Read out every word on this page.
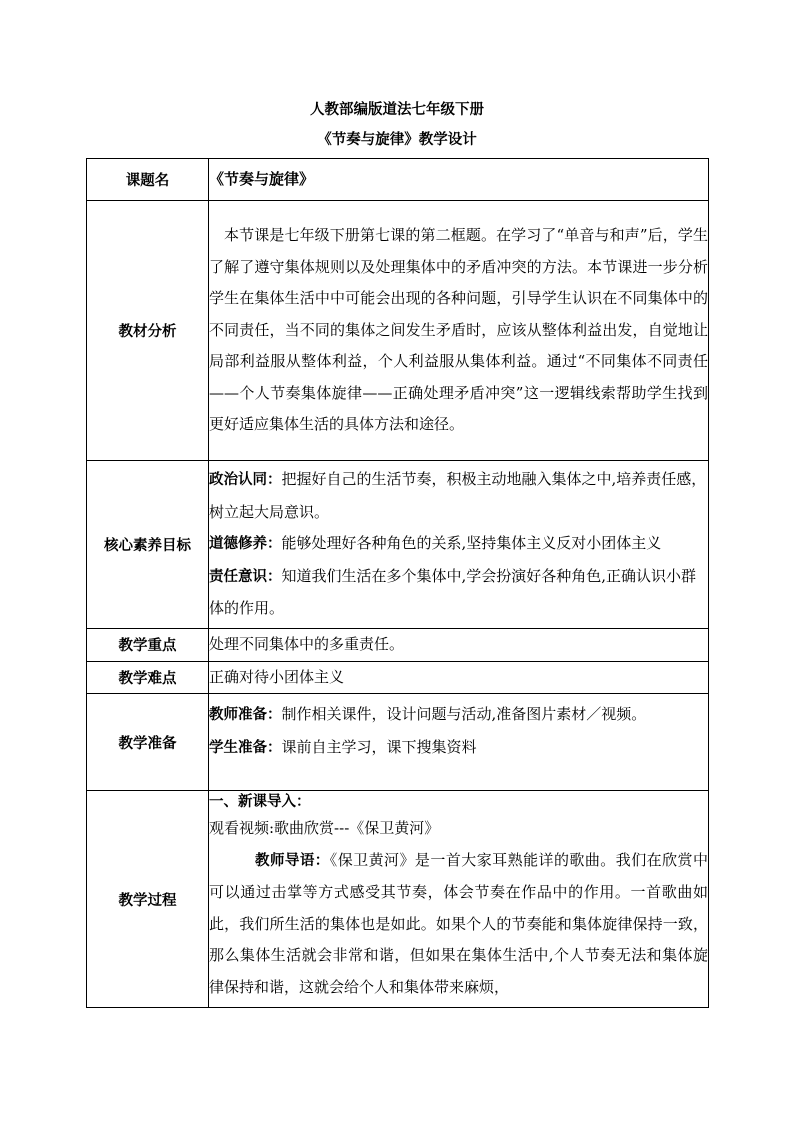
人教部编版道法七年级下册
《节奏与旋律》教学设计
课题名	《节奏与旋律》
教材分析	本节课是七年级下册第七课的第二框题。在学习了“单音与和声”后，学生了解了遵守集体规则以及处理集体中的矛盾冲突的方法。本节课进一步分析学生在集体生活中中可能会出现的各种问题，引导学生认识在不同集体中的不同责任，当不同的集体之间发生矛盾时，应该从整体利益出发，自觉地让局部利益服从整体利益，个人利益服从集体利益。通过“不同集体不同责任——个人节奏集体旋律——正确处理矛盾冲突”这一逻辑线索帮助学生找到更好适应集体生活的具体方法和途径。

核心素养目标	政治认同：把握好自己的生活节奏，积极主动地融入集体之中,培养责任感，树立起大局意识。
道德修养：能够处理好各种角色的关系,坚持集体主义反对小团体主义
责任意识：知道我们生活在多个集体中,学会扮演好各种角色,正确认识小群体的作用。

教学重点	处理不同集体中的多重责任。
教学难点	正确对待小团体主义
教学准备	教师准备：制作相关课件，设计问题与活动,准备图片素材／视频。
学生准备：课前自主学习，课下搜集资料

教学过程	一、新课导入：
观看视频:歌曲欣赏---《保卫黄河》
教师导语：《保卫黄河》是一首大家耳熟能详的歌曲。我们在欣赏中可以通过击掌等方式感受其节奏，体会节奏在作品中的作用。一首歌曲如此，我们所生活的集体也是如此。如果个人的节奏能和集体旋律保持一致，那么集体生活就会非常和谐，但如果在集体生活中,个人节奏无法和集体旋律保持和谐，这就会给个人和集体带来麻烦，
